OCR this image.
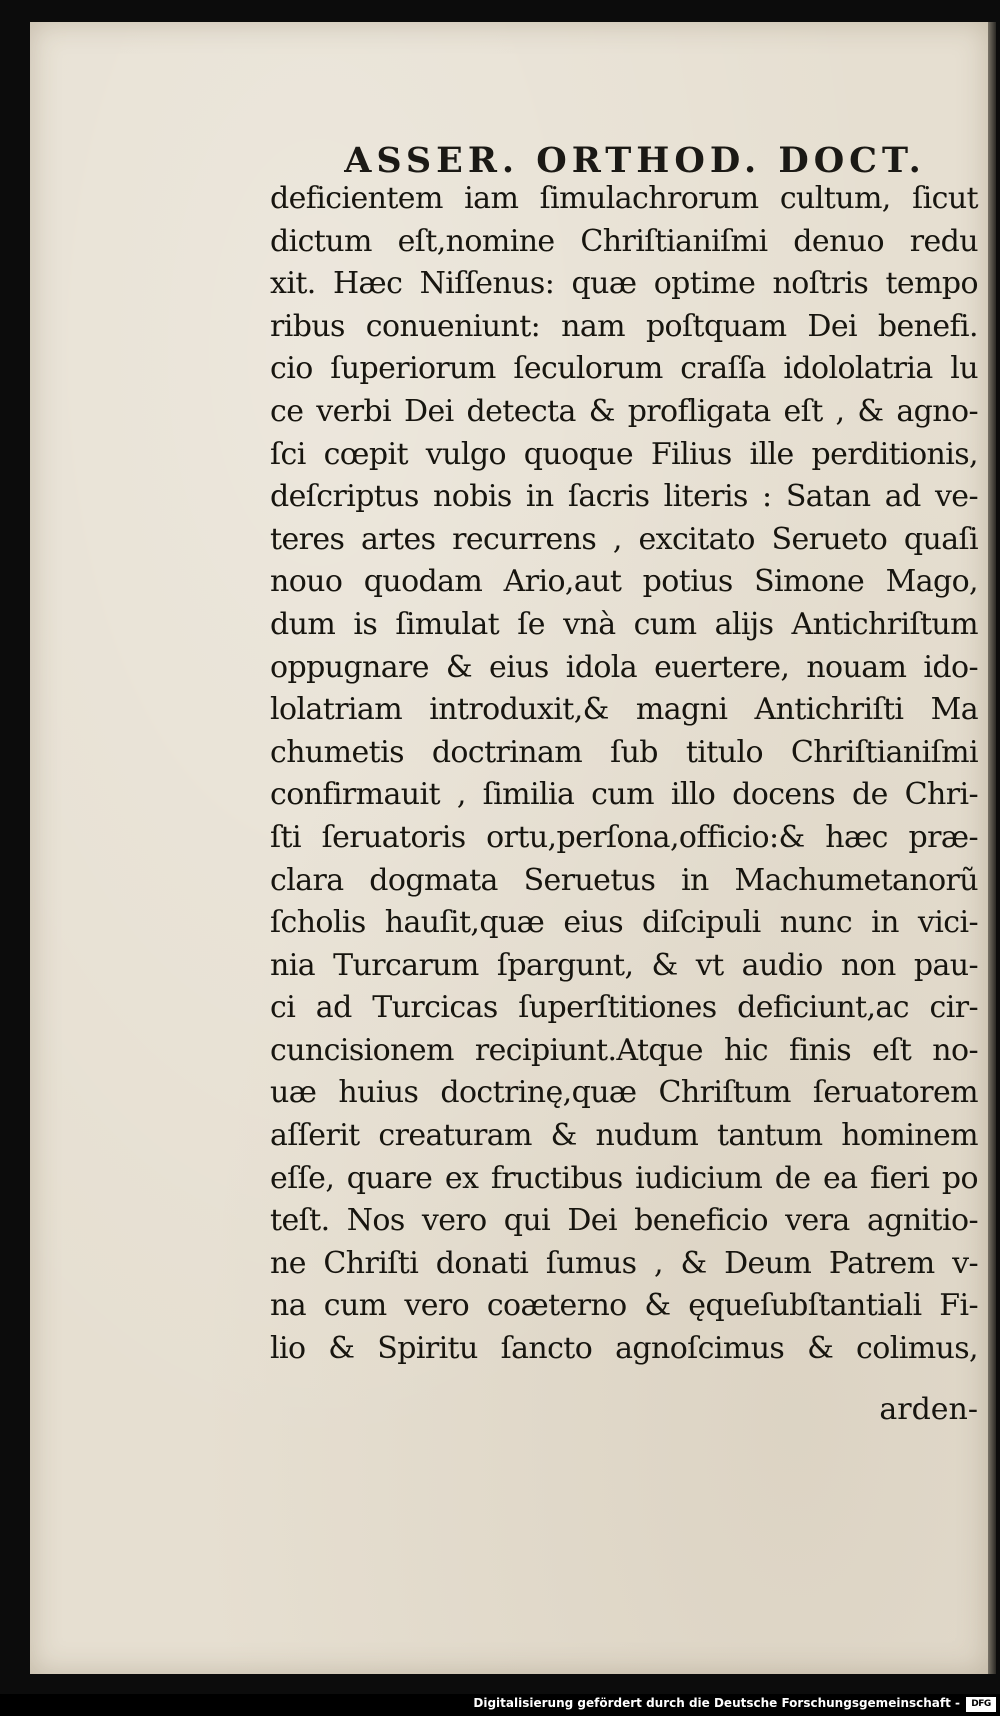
ASSER. ORTHOD. DOCT.
deficientem iam ſimulachrorum cultum, ſicut
dictum eſt,nomine Chriſtianiſmi denuo redu
xit. Hæc Niſſenus: quæ optime noſtris tempo
ribus conueniunt: nam poſtquam Dei benefi.
cio ſuperiorum ſeculorum craſſa idololatria lu
ce verbi Dei detecta & profligata eſt , & agno-
ſci cœpit vulgo quoque Filius ille perditionis,
deſcriptus nobis in ſacris literis : Satan ad ve-
teres artes recurrens , excitato Serueto quaſi
nouo quodam Ario,aut potius Simone Mago,
dum is ſimulat ſe vnà cum alijs Antichriſtum
oppugnare & eius idola euertere, nouam ido-
lolatriam introduxit,& magni Antichriſti Ma
chumetis doctrinam ſub titulo Chriſtianiſmi
confirmauit , ſimilia cum illo docens de Chri-
ſti ſeruatoris ortu,perſona,officio:& hæc præ-
clara dogmata Seruetus in Machumetanorũ
ſcholis hauſit,quæ eius diſcipuli nunc in vici-
nia Turcarum ſpargunt, & vt audio non pau-
ci ad Turcicas ſuperſtitiones deficiunt,ac cir-
cuncisionem recipiunt.Atque hic finis eſt no-
uæ huius doctrinę,quæ Chriſtum ſeruatorem
aſſerit creaturam & nudum tantum hominem
eſſe, quare ex fructibus iudicium de ea fieri po
teſt. Nos vero qui Dei beneficio vera agnitio-
ne Chriſti donati ſumus , & Deum Patrem v-
na cum vero coæterno & ęqueſubſtantiali Fi-
lio & Spiritu ſancto agnoſcimus & colimus,
arden-
Digitalisierung gefördert durch die Deutsche Forschungsgemeinschaft -	DFG
